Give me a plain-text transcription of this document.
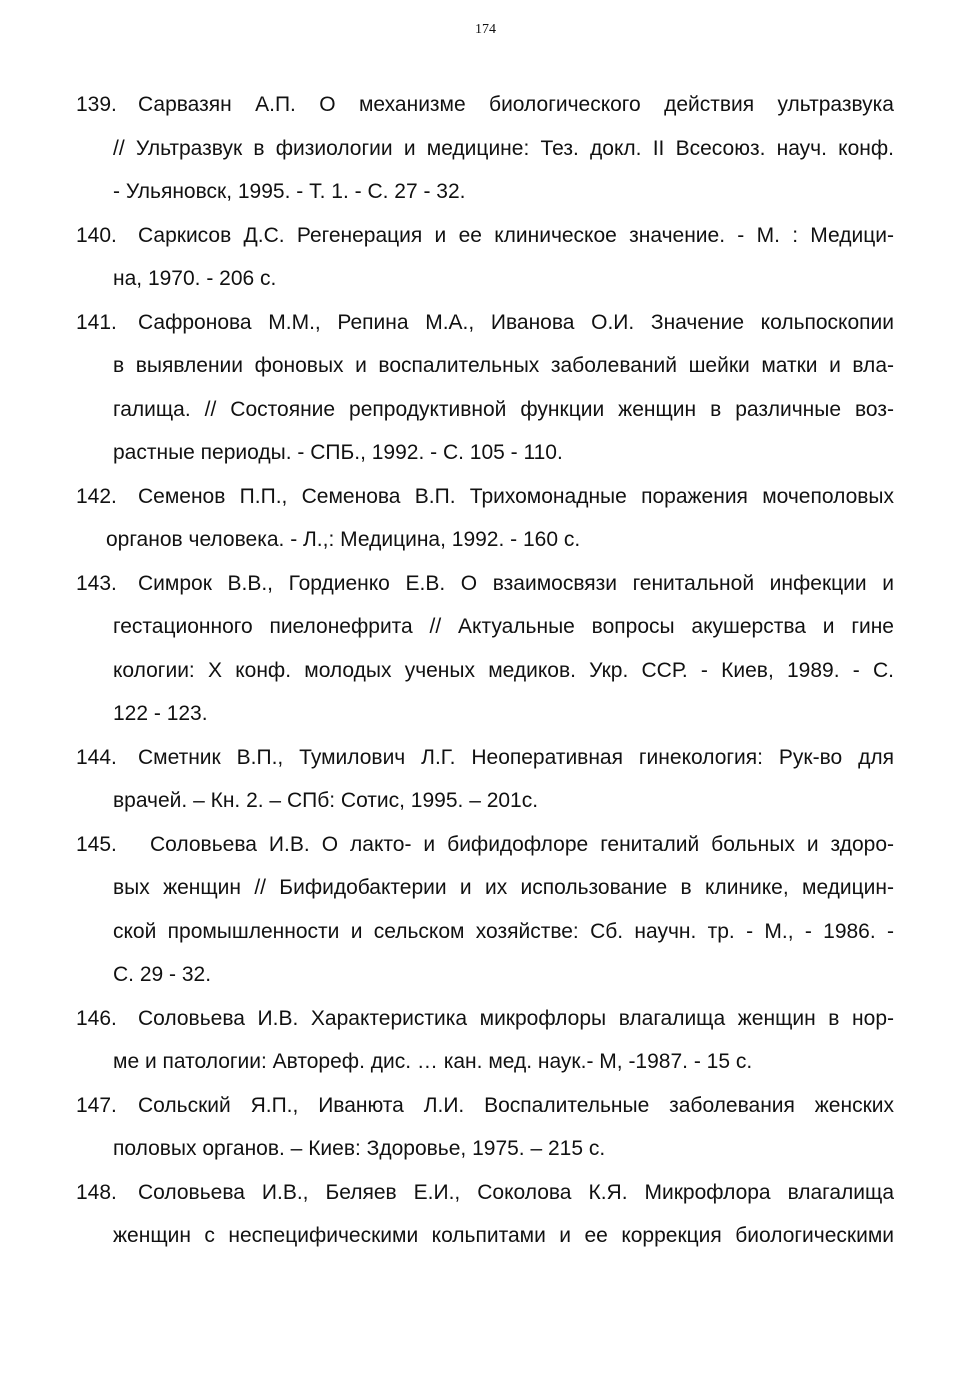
174
139. Сарвазян А.П. О механизме биологического действия ультразвука
// Ультразвук в физиологии и медицине: Тез. докл. II Всесоюз. науч. конф.
- Ульяновск, 1995. - Т. 1. - С. 27 - 32.
140. Саркисов Д.С. Регенерация и ее клиническое значение. - М. : Медици-
на, 1970. - 206 с.
141. Сафронова М.М., Репина М.А., Иванова О.И. Значение кольпоскопии
в выявлении фоновых и воспалительных заболеваний шейки матки и вла-
галища. // Состояние репродуктивной функции женщин в различные воз-
растные периоды. - СПБ., 1992. - С. 105 - 110.
142. Семенов П.П., Семенова В.П. Трихомонадные поражения мочеполовых
органов человека. - Л.,: Медицина, 1992. - 160 с.
143. Симрок В.В., Гордиенко Е.В. О взаимосвязи генитальной инфекции и
гестационного пиелонефрита // Актуальные вопросы акушерства и гине
кологии: X конф. молодых ученых медиков. Укр. ССР. - Киев, 1989. - С.
122 - 123.
144. Сметник В.П., Тумилович Л.Г. Неоперативная гинекология: Рук-во для
врачей. – Кн. 2. – СПб: Сотис, 1995. – 201с.
145. Соловьева И.В. О лакто- и бифидофлоре гениталий больных и здоро-
вых женщин // Бифидобактерии и их использование в клинике, медицин-
ской промышленности и сельском хозяйстве: Сб. научн. тр. - М., - 1986. -
С. 29 - 32.
146. Соловьева И.В. Характеристика микрофлоры влагалища женщин в нор-
ме и патологии: Автореф. дис. … кан. мед. наук.- М, -1987. - 15 с.
147. Сольский Я.П., Иванюта Л.И. Воспалительные заболевания женских
половых органов. – Киев: Здоровье, 1975. – 215 с.
148. Соловьева И.В., Беляев Е.И., Соколова К.Я. Микрофлора влагалища
женщин с неспецифическими кольпитами и ее коррекция биологическими
